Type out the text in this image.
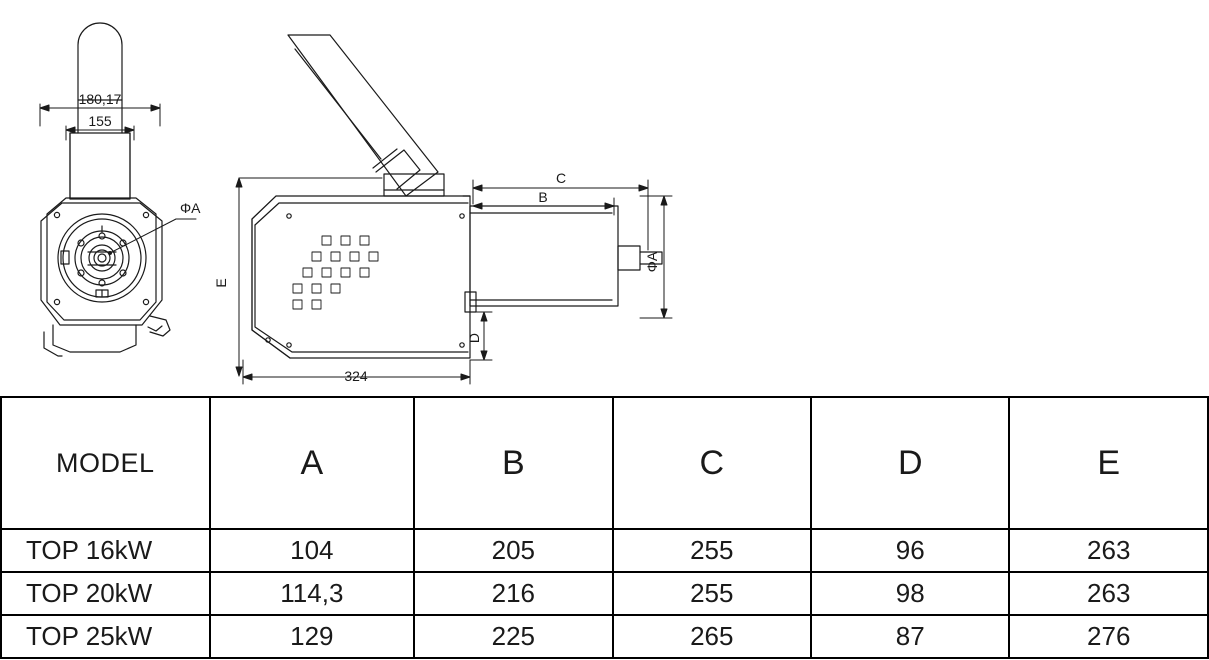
180,17
155
ΦA
C
B
E
D
ΦA
324
MODEL	A	B	C	D	E
TOP 16kW	104	205	255	96	263
TOP 20kW	114,3	216	255	98	263
TOP 25kW	129	225	265	87	276
